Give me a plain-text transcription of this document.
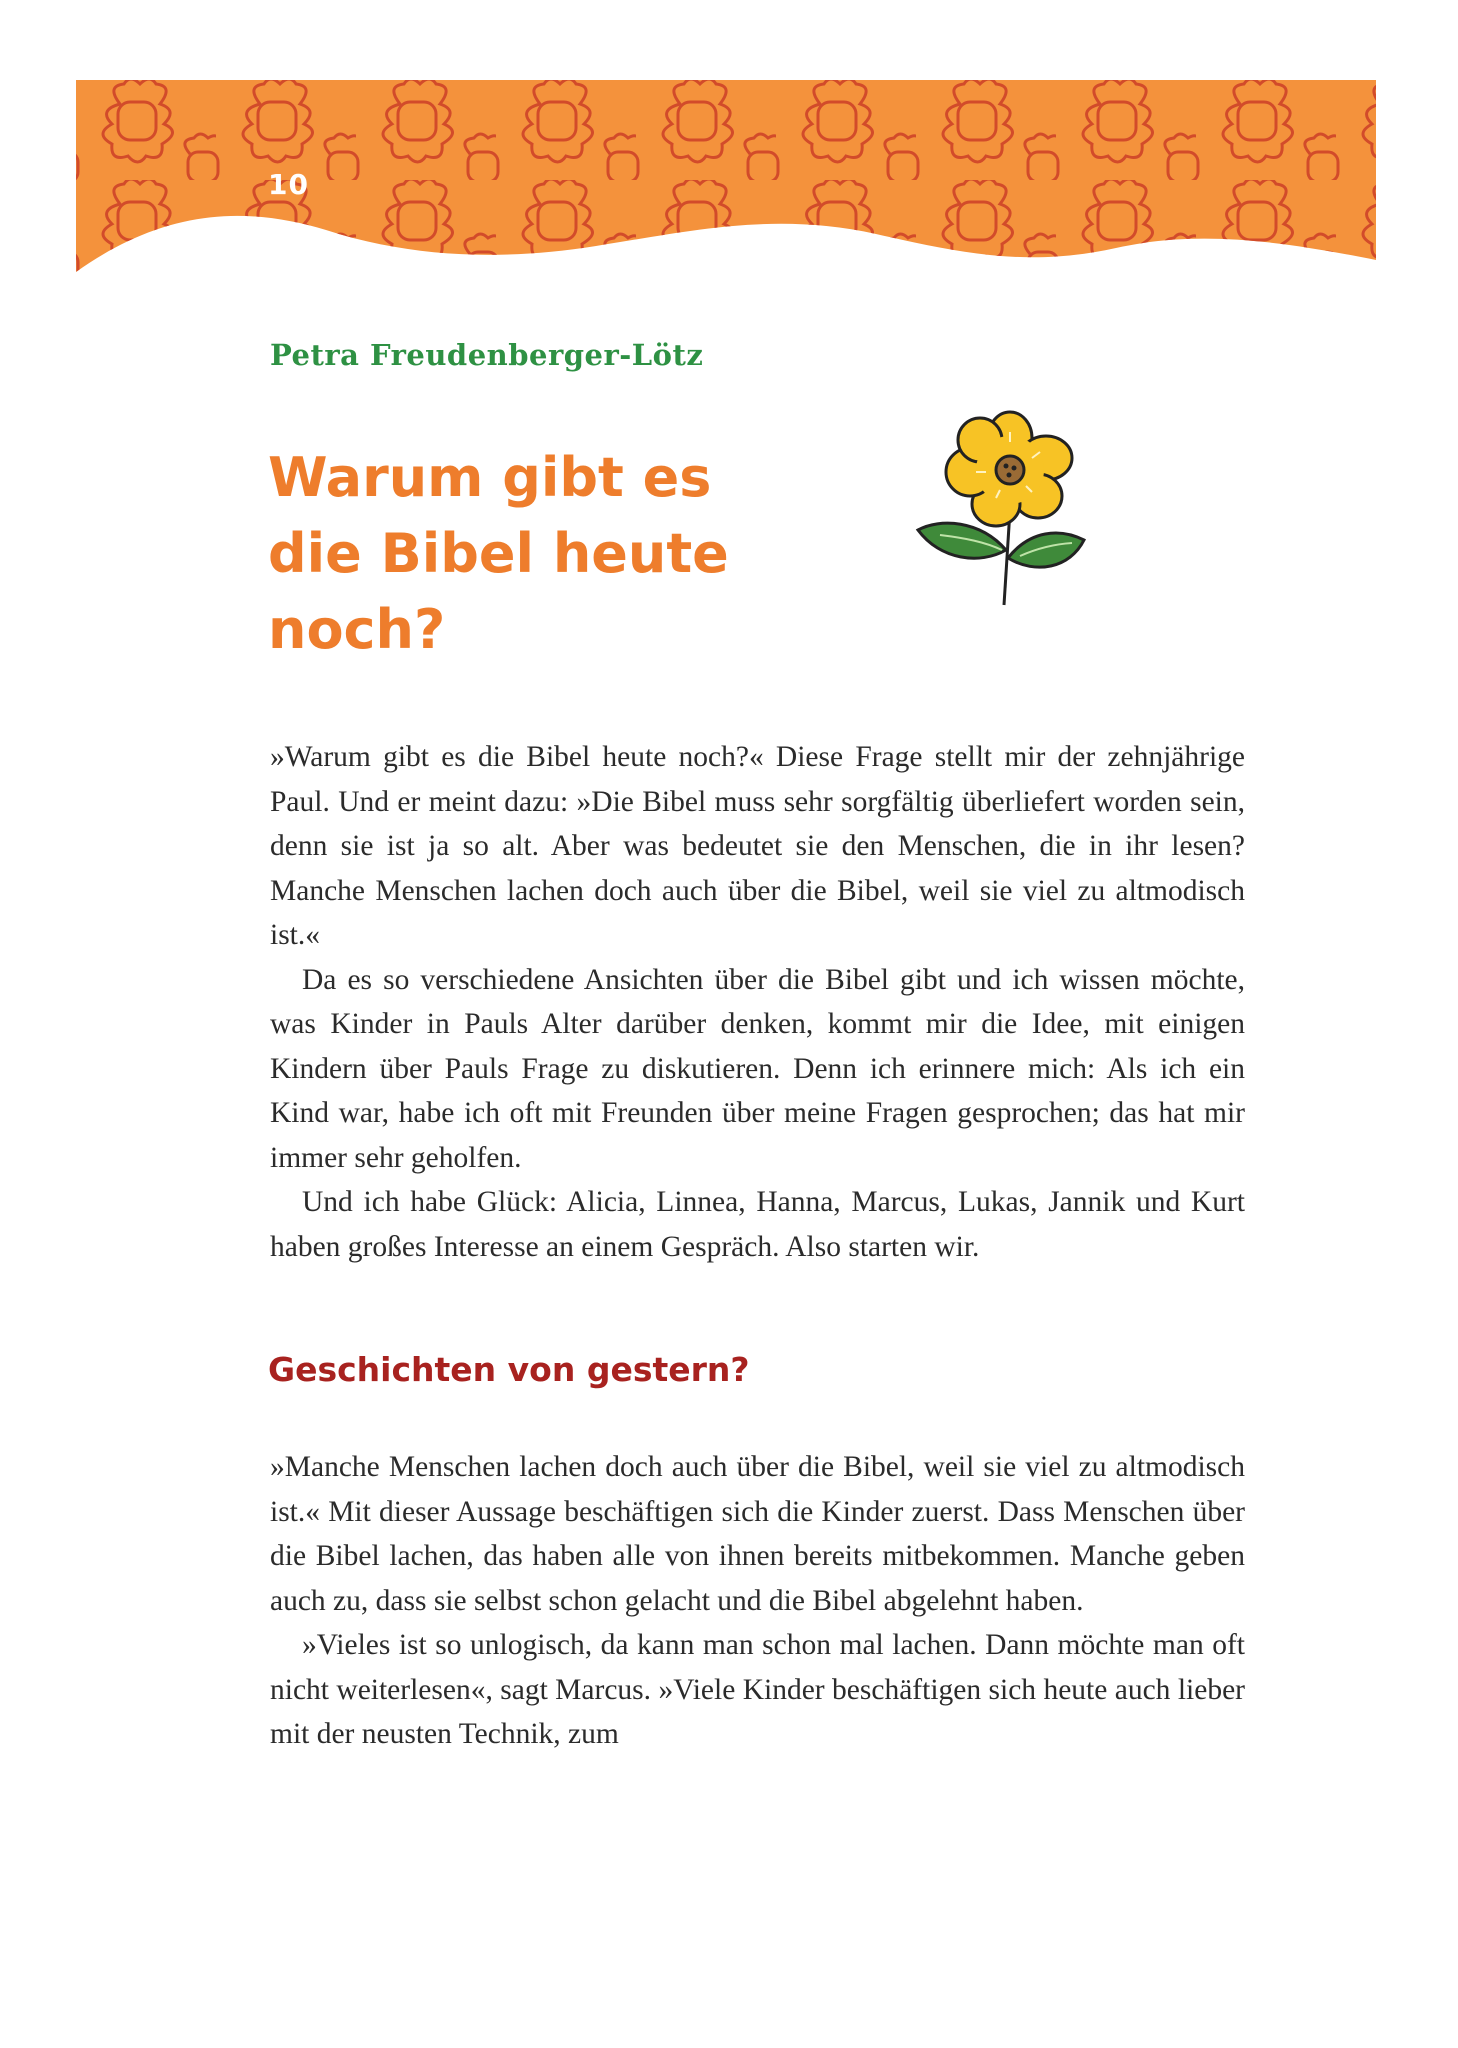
10
Petra Freudenberger-Lötz
Warum gibt es
die Bibel heute noch?

»Warum gibt es die Bibel heute noch?« Diese Frage stellt mir der zehnjährige Paul. Und er meint dazu: »Die Bibel muss sehr sorgfältig überliefert worden sein, denn sie ist ja so alt. Aber was bedeutet sie den Menschen, die in ihr lesen? Manche Menschen lachen doch auch über die Bibel, weil sie viel zu altmodisch ist.«

Da es so verschiedene Ansichten über die Bibel gibt und ich wissen möchte, was Kinder in Pauls Alter darüber denken, kommt mir die Idee, mit einigen Kindern über Pauls Frage zu diskutieren. Denn ich erinnere mich: Als ich ein Kind war, habe ich oft mit Freunden über meine Fragen gesprochen; das hat mir immer sehr geholfen.

Und ich habe Glück: Alicia, Linnea, Hanna, Marcus, Lukas, Jannik und Kurt haben großes Interesse an einem Gespräch. Also starten wir.

Geschichten von gestern?

»Manche Menschen lachen doch auch über die Bibel, weil sie viel zu altmodisch ist.« Mit dieser Aussage beschäftigen sich die Kinder zuerst. Dass Menschen über die Bibel lachen, das haben alle von ihnen bereits mitbekommen. Manche geben auch zu, dass sie selbst schon gelacht und die Bibel abgelehnt haben.

»Vieles ist so unlogisch, da kann man schon mal lachen. Dann möchte man oft nicht weiterlesen«, sagt Marcus. »Viele Kinder beschäftigen sich heute auch lieber mit der neusten Technik, zum
